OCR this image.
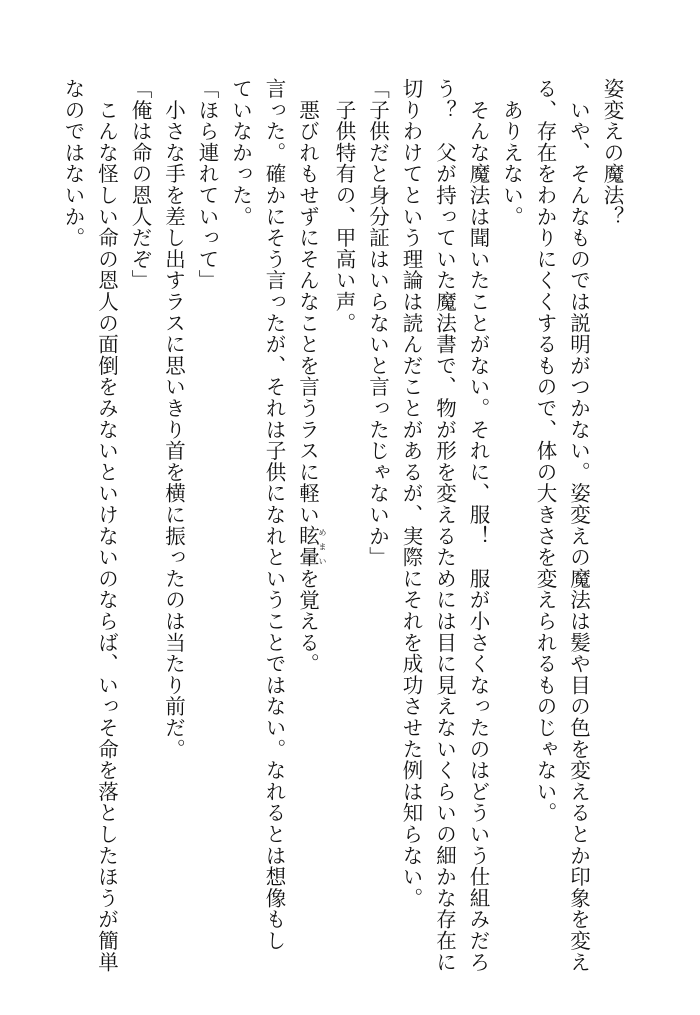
姿変えの魔法？
　いや、そんなものでは説明がつかない。姿変えの魔法は髪や目の色を変えるとか印象を変え
る、存在をわかりにくくするもので、体の大きさを変えられるものじゃない。
　ありえない。
　そんな魔法は聞いたことがない。それに、服！　服が小さくなったのはどういう仕組みだろ
う？　父が持っていた魔法書で、物が形を変えるためには目に見えないくらいの細かな存在に
切りわけてという理論は読んだことがあるが、実際にそれを成功させた例は知らない。
「子供だと身分証はいらないと言ったじゃないか」
　子供特有の、甲高い声。
　悪びれもせずにそんなことを言うラスに軽い眩暈めまいを覚える。
言った。確かにそう言ったが、それは子供になれということではない。なれるとは想像もし
ていなかった。
「ほら連れていって」
　小さな手を差し出すラスに思いきり首を横に振ったのは当たり前だ。
「俺は命の恩人だぞ」
　こんな怪しい命の恩人の面倒をみないといけないのならば、いっそ命を落としたほうが簡単
なのではないか。
